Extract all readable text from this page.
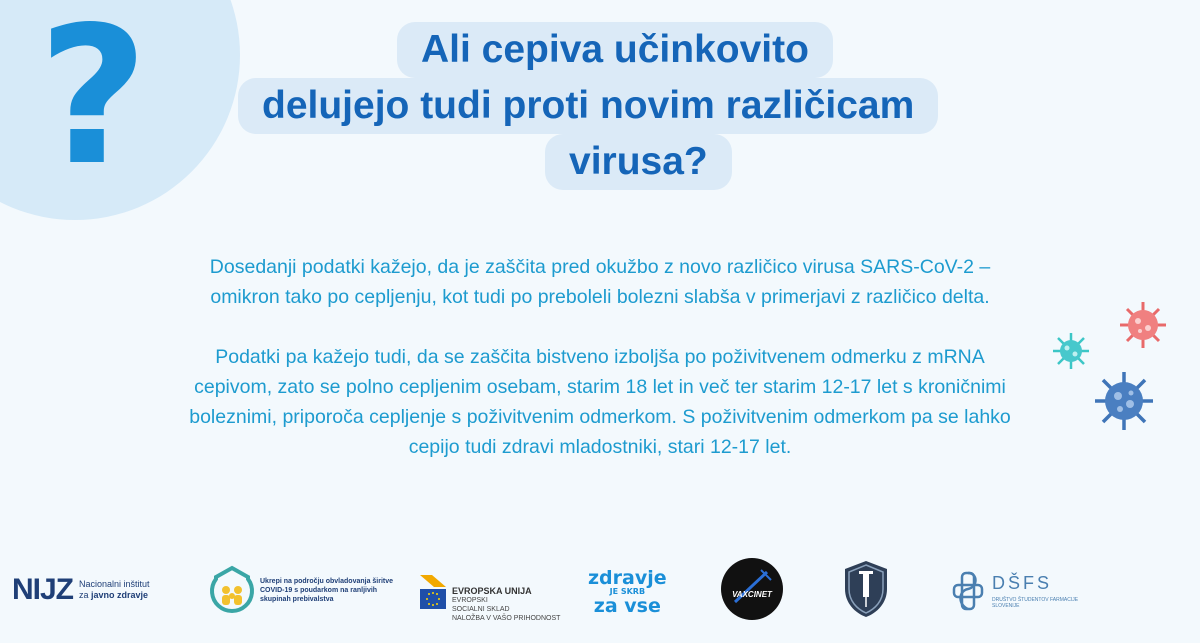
?	Ali cepiva učinkovito
delujejo tudi proti novim različicam
virusa?

Dosedanji podatki kažejo, da je zaščita pred okužbo z novo različico virusa SARS-CoV-2 – omikron tako po cepljenju, kot tudi po preboleli bolezni slabša v primerjavi z različico delta.

Podatki pa kažejo tudi, da se zaščita bistveno izboljša po poživitvenem odmerku z mRNA cepivom, zato se polno cepljenim osebam, starim 18 let in več ter starim 12-17 let s kroničnimi boleznimi, priporoča cepljenje s poživitvenim odmerkom. S poživitvenim odmerkom pa se lahko cepijo tudi zdravi mladostniki, stari 12-17 let.

NIJZ Nacionalni inštitut
za javno zdravje
Ukrepi na področju obvladovanja širitve COVID-19 s poudarkom na ranljivih skupinah prebivalstva
EVROPSKA UNIJA
EVROPSKI
SOCIALNI SKLAD
NALOŽBA V VAŠO PRIHODNOST
zdravje
JE SKRB
za vse
VAXCINET
DŠFS
DRUŠTVO ŠTUDENTOV FARMACIJE SLOVENIJE
